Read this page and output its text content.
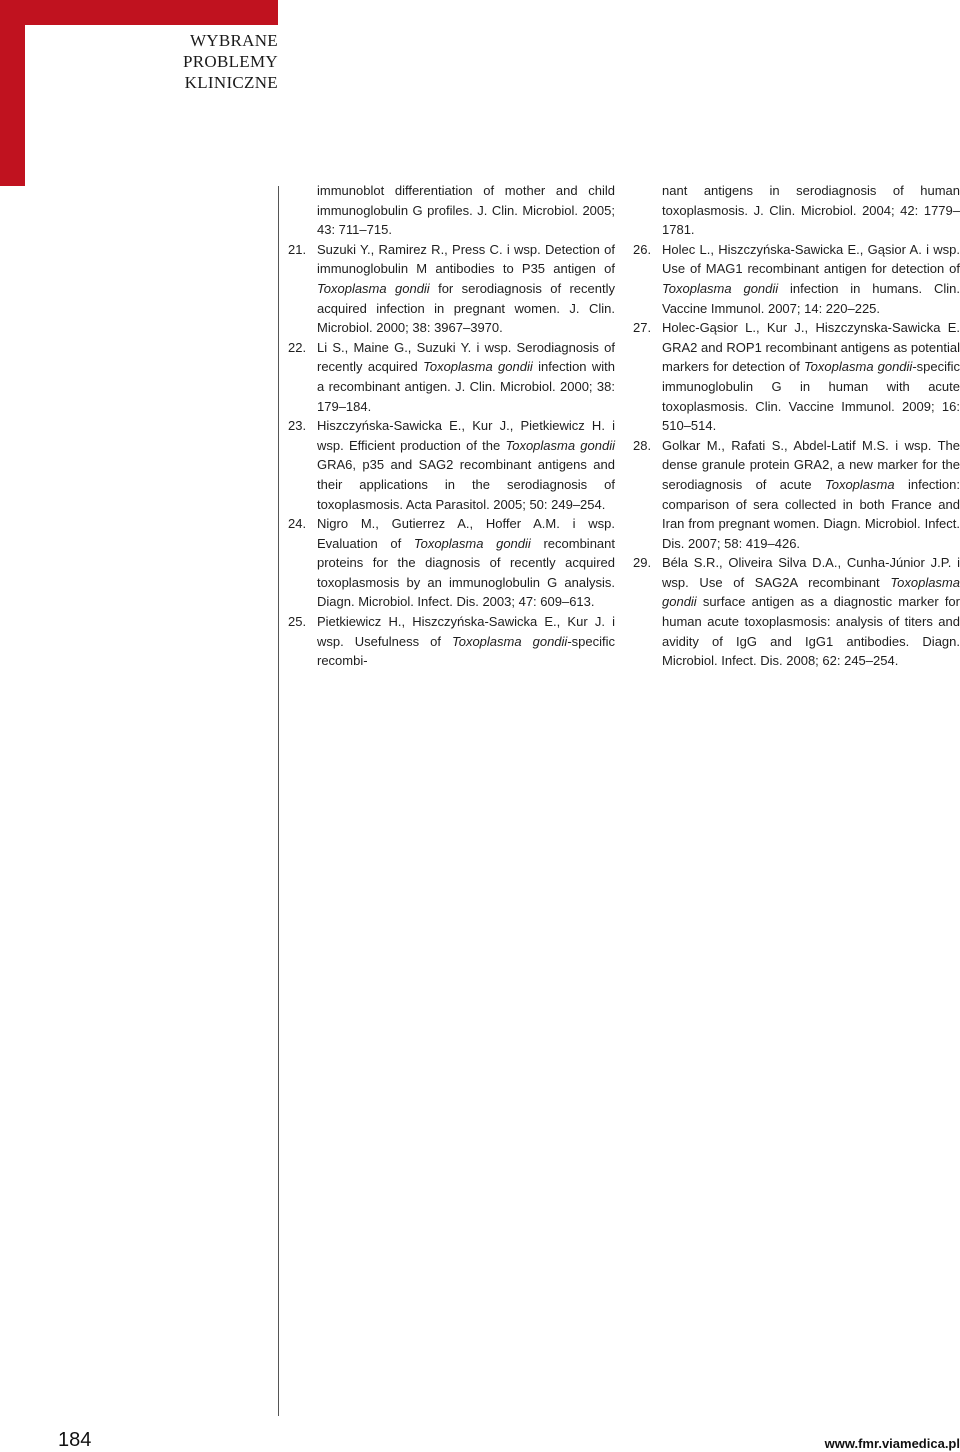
WYBRANE
PROBLEMY
KLINICZNE
immunoblot differentiation of mother and child immunoglobulin G profiles. J. Clin. Microbiol. 2005; 43: 711–715.
21. Suzuki Y., Ramirez R., Press C. i wsp. Detection of immunoglobulin M antibodies to P35 antigen of Toxoplasma gondii for serodiagnosis of recently acquired infection in pregnant women. J. Clin. Microbiol. 2000; 38: 3967–3970.
22. Li S., Maine G., Suzuki Y. i wsp. Serodiagnosis of recently acquired Toxoplasma gondii infection with a recombinant antigen. J. Clin. Microbiol. 2000; 38: 179–184.
23. Hiszczyńska-Sawicka E., Kur J., Pietkiewicz H. i wsp. Efficient production of the Toxoplasma gondii GRA6, p35 and SAG2 recombinant antigens and their applications in the serodiagnosis of toxoplasmosis. Acta Parasitol. 2005; 50: 249–254.
24. Nigro M., Gutierrez A., Hoffer A.M. i wsp. Evaluation of Toxoplasma gondii recombinant proteins for the diagnosis of recently acquired toxoplasmosis by an immunoglobulin G analysis. Diagn. Microbiol. Infect. Dis. 2003; 47: 609–613.
25. Pietkiewicz H., Hiszczyńska-Sawicka E., Kur J. i wsp. Usefulness of Toxoplasma gondii-specific recombi-
nant antigens in serodiagnosis of human toxoplasmosis. J. Clin. Microbiol. 2004; 42: 1779–1781.
26. Holec L., Hiszczyńska-Sawicka E., Gąsior A. i wsp. Use of MAG1 recombinant antigen for detection of Toxoplasma gondii infection in humans. Clin. Vaccine Immunol. 2007; 14: 220–225.
27. Holec-Gąsior L., Kur J., Hiszczynska-Sawicka E. GRA2 and ROP1 recombinant antigens as potential markers for detection of Toxoplasma gondii-specific immunoglobulin G in human with acute toxoplasmosis. Clin. Vaccine Immunol. 2009; 16: 510–514.
28. Golkar M., Rafati S., Abdel-Latif M.S. i wsp. The dense granule protein GRA2, a new marker for the serodiagnosis of acute Toxoplasma infection: comparison of sera collected in both France and Iran from pregnant women. Diagn. Microbiol. Infect. Dis. 2007; 58: 419–426.
29. Béla S.R., Oliveira Silva D.A., Cunha-Júnior J.P. i wsp. Use of SAG2A recombinant Toxoplasma gondii surface antigen as a diagnostic marker for human acute toxoplasmosis: analysis of titers and avidity of IgG and IgG1 antibodies. Diagn. Microbiol. Infect. Dis. 2008; 62: 245–254.
184	www.fmr.viamedica.pl
